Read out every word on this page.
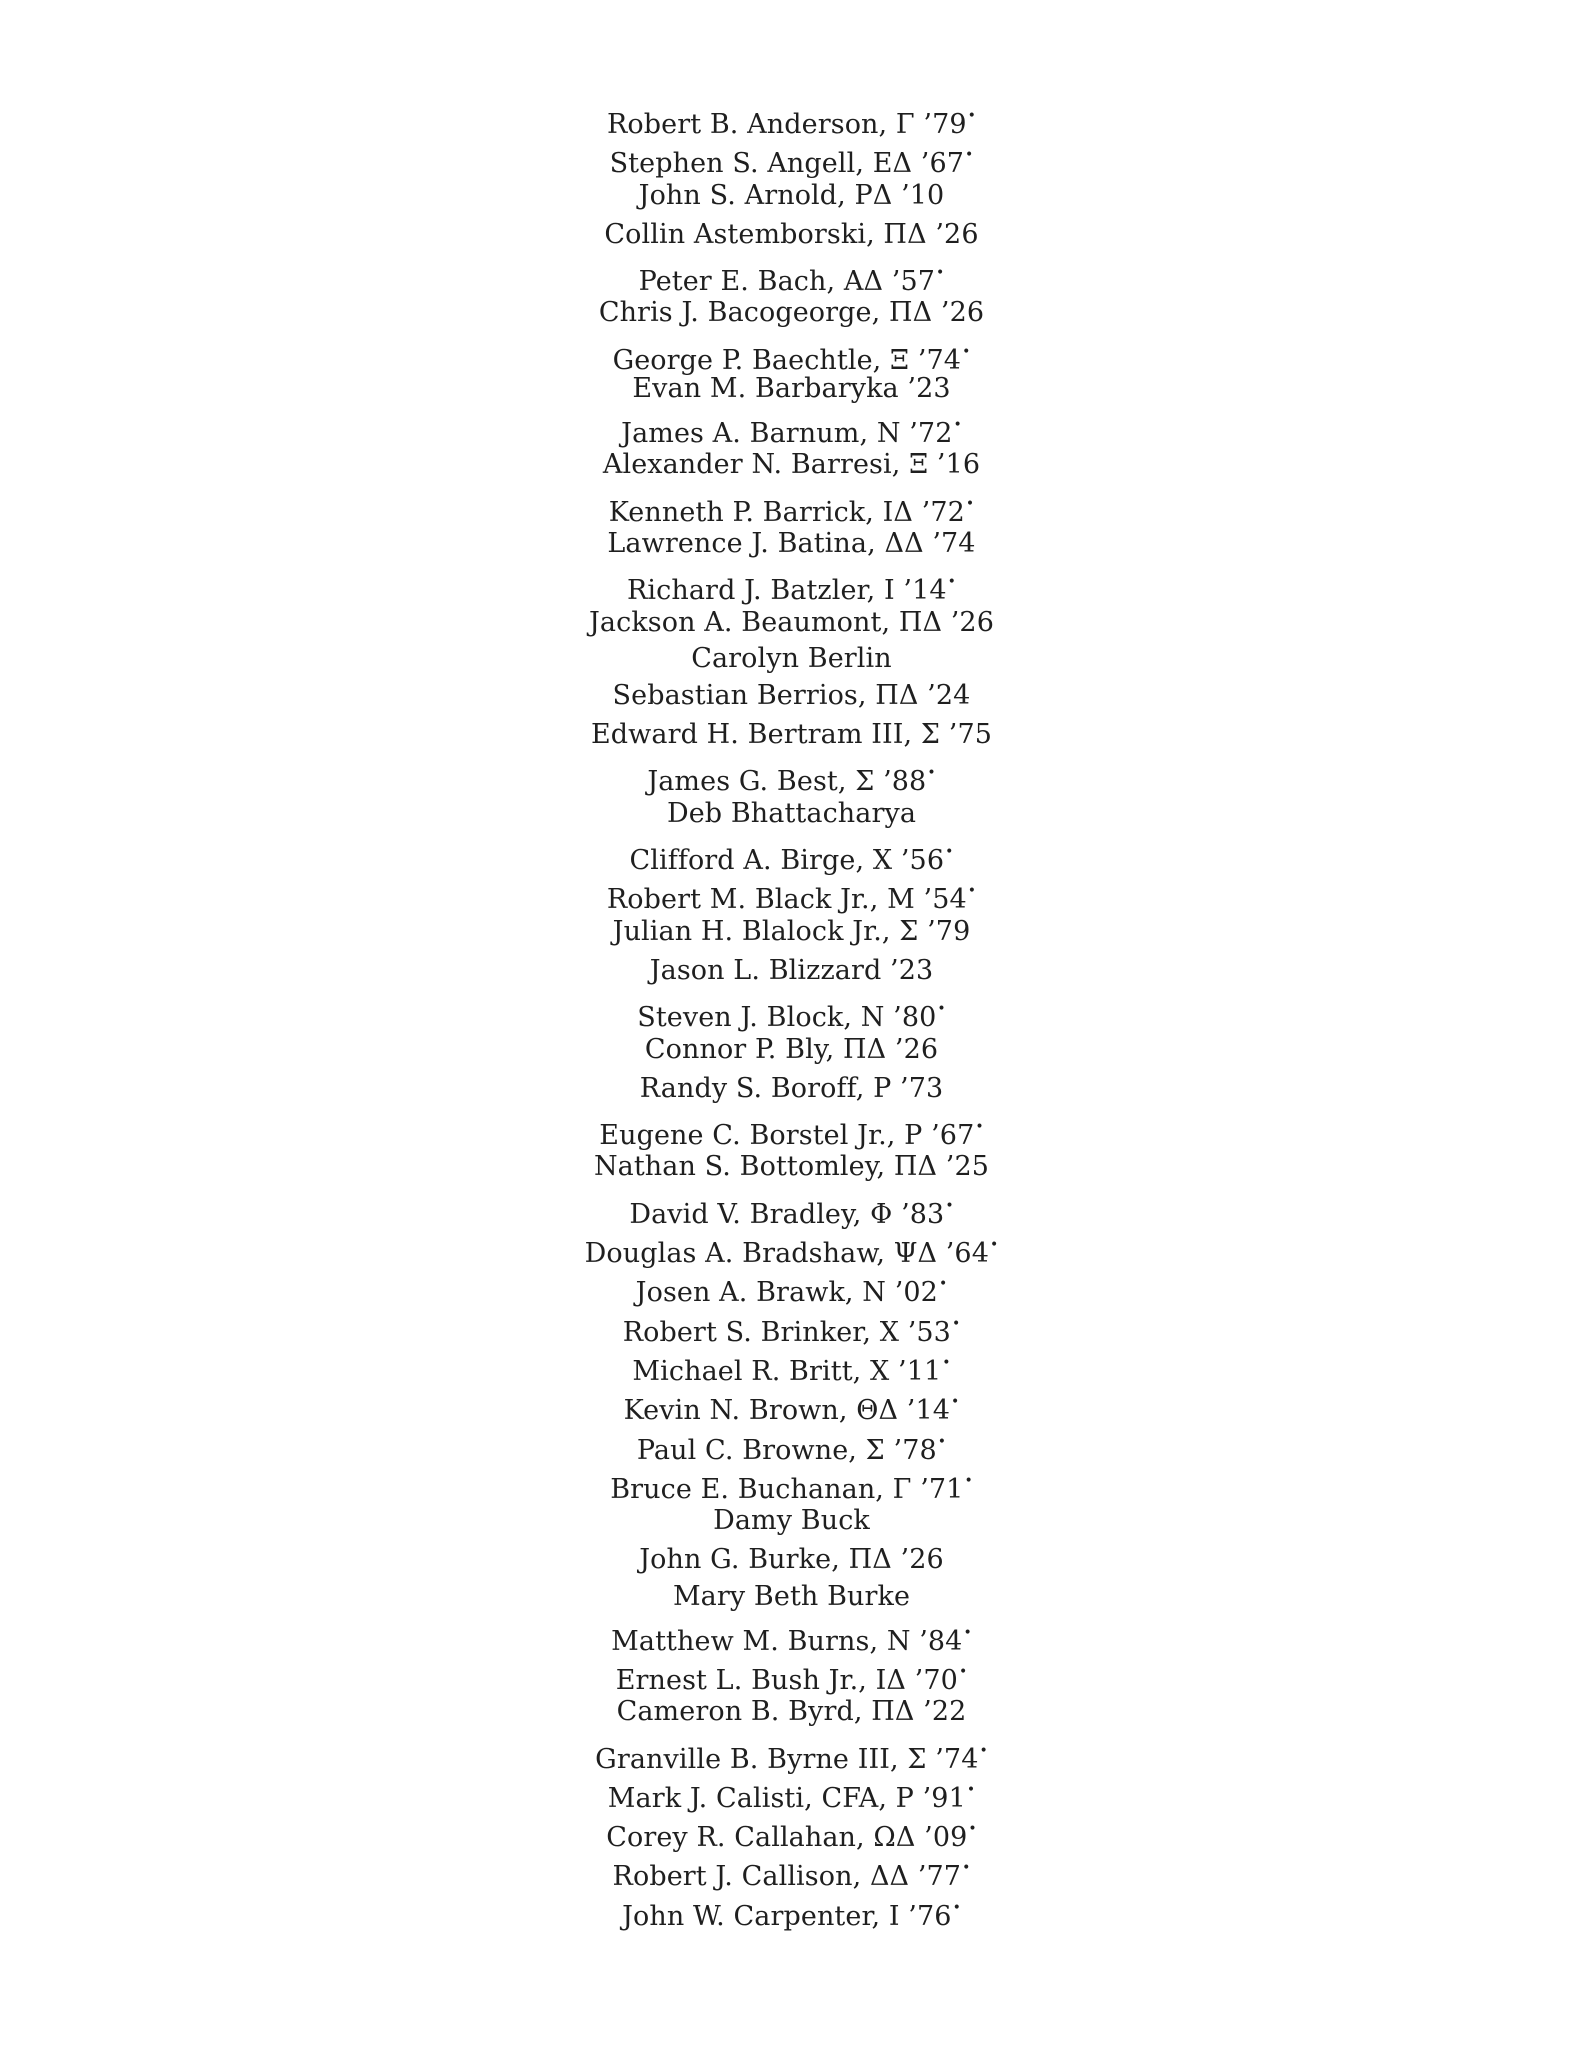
Robert B. Anderson, Γ ’79•
Stephen S. Angell, EΔ ’67•
John S. Arnold, PΔ ’10
Collin Astemborski, ΠΔ ’26
Peter E. Bach, AΔ ’57•
Chris J. Bacogeorge, ΠΔ ’26
George P. Baechtle, Ξ ’74•
Evan M. Barbaryka ’23
James A. Barnum, N ’72•
Alexander N. Barresi, Ξ ’16
Kenneth P. Barrick, IΔ ’72•
Lawrence J. Batina, ΔΔ ’74
Richard J. Batzler, I ’14•
Jackson A. Beaumont, ΠΔ ’26
Carolyn Berlin
Sebastian Berrios, ΠΔ ’24
Edward H. Bertram III, Σ ’75
James G. Best, Σ ’88•
Deb Bhattacharya
Clifford A. Birge, X ’56•
Robert M. Black Jr., M ’54•
Julian H. Blalock Jr., Σ ’79
Jason L. Blizzard ’23
Steven J. Block, N ’80•
Connor P. Bly, ΠΔ ’26
Randy S. Boroff, P ’73
Eugene C. Borstel Jr., P ’67•
Nathan S. Bottomley, ΠΔ ’25
David V. Bradley, Φ ’83•
Douglas A. Bradshaw, ΨΔ ’64•
Josen A. Brawk, N ’02•
Robert S. Brinker, X ’53•
Michael R. Britt, X ’11•
Kevin N. Brown, ΘΔ ’14•
Paul C. Browne, Σ ’78•
Bruce E. Buchanan, Γ ’71•
Damy Buck
John G. Burke, ΠΔ ’26
Mary Beth Burke
Matthew M. Burns, N ’84•
Ernest L. Bush Jr., IΔ ’70•
Cameron B. Byrd, ΠΔ ’22
Granville B. Byrne III, Σ ’74•
Mark J. Calisti, CFA, P ’91•
Corey R. Callahan, ΩΔ ’09•
Robert J. Callison, ΔΔ ’77•
John W. Carpenter, I ’76•
